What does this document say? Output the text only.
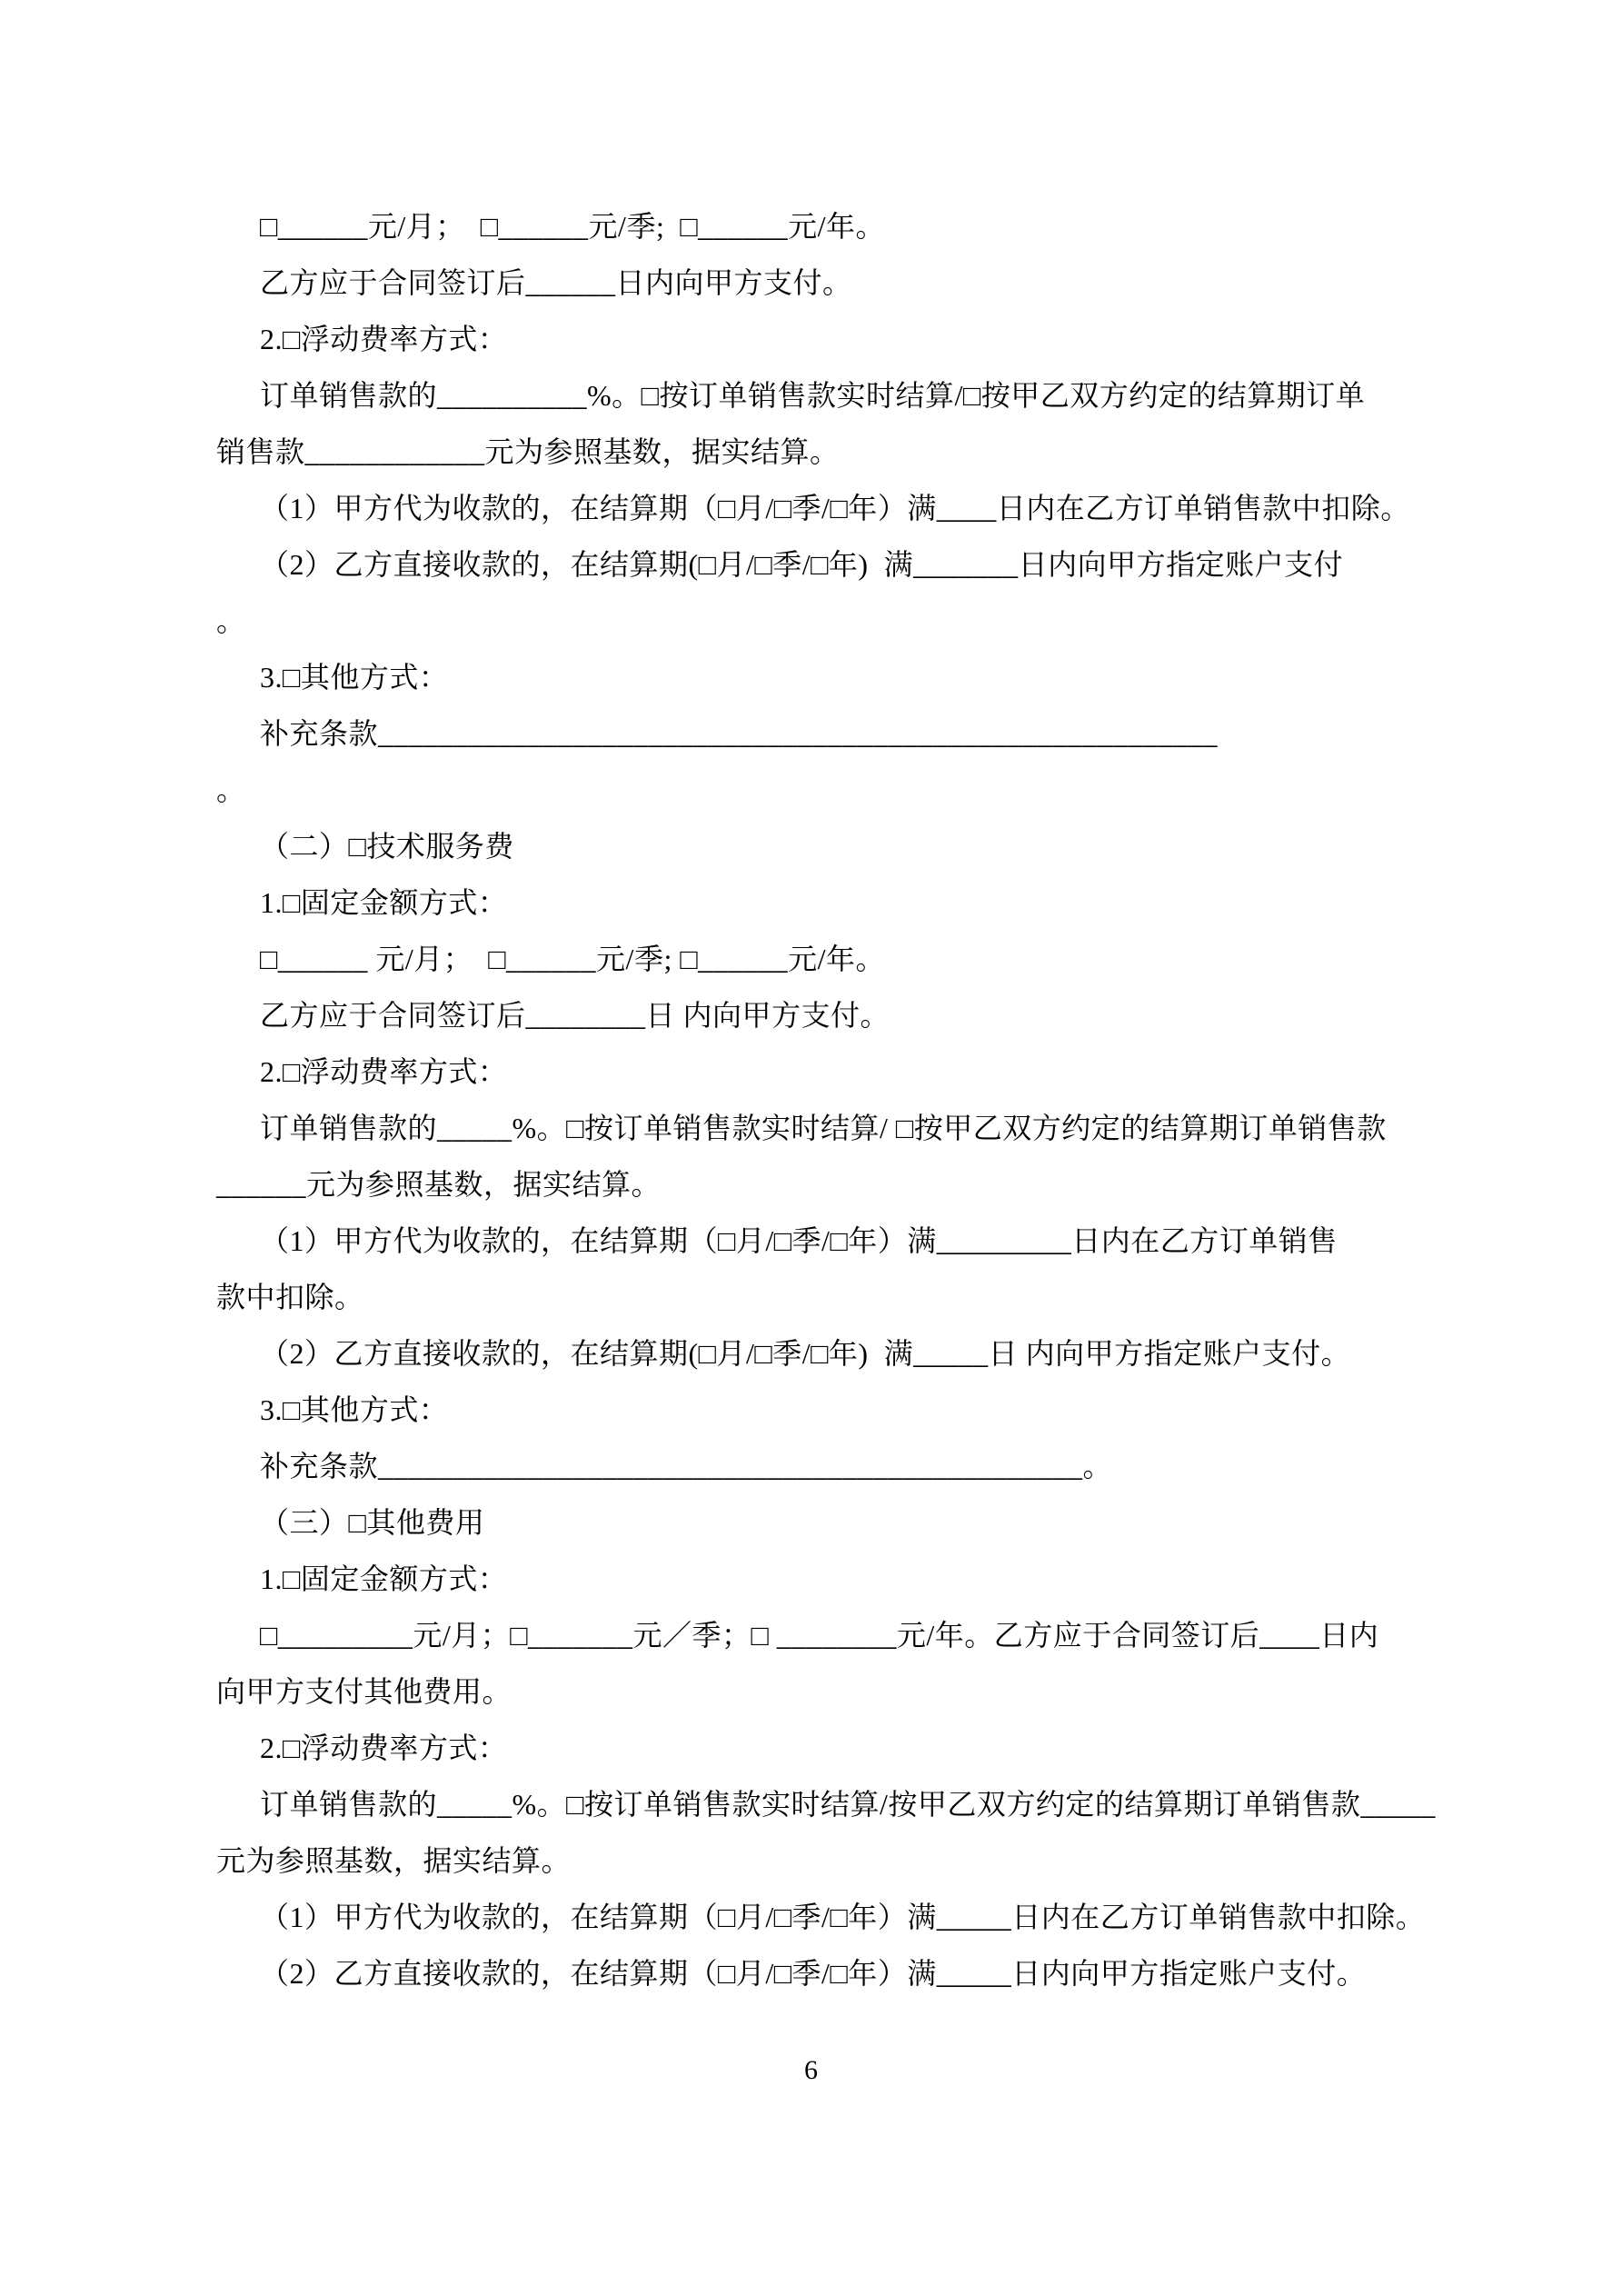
□______元/月；  □______元/季;  □______元/年。

乙方应于合同签订后______日内向甲方支付。

2.□浮动费率方式：

订单销售款的__________%。□按订单销售款实时结算/□按甲乙双方约定的结算期订单

销售款____________元为参照基数，据实结算。

（1）甲方代为收款的，在结算期（□月/□季/□年）满____日内在乙方订单销售款中扣除。

（2）乙方直接收款的，在结算期(□月/□季/□年)  满_______日内向甲方指定账户支付

。

3.□其他方式：

补充条款________________________________________________________

。

（二）□技术服务费

1.□固定金额方式：

□______ 元/月；  □______元/季; □______元/年。

乙方应于合同签订后________日 内向甲方支付。

2.□浮动费率方式：

订单销售款的_____%。□按订单销售款实时结算/ □按甲乙双方约定的结算期订单销售款

______元为参照基数，据实结算。

（1）甲方代为收款的，在结算期（□月/□季/□年）满_________日内在乙方订单销售

款中扣除。

（2）乙方直接收款的，在结算期(□月/□季/□年)  满_____日 内向甲方指定账户支付。

3.□其他方式：

补充条款_______________________________________________。

（三）□其他费用

1.□固定金额方式：

□_________元/月；□_______元／季；□ ________元/年。乙方应于合同签订后____日内

向甲方支付其他费用。

2.□浮动费率方式：

订单销售款的_____%。□按订单销售款实时结算/按甲乙双方约定的结算期订单销售款_____

元为参照基数，据实结算。

（1）甲方代为收款的，在结算期（□月/□季/□年）满_____日内在乙方订单销售款中扣除。

（2）乙方直接收款的，在结算期（□月/□季/□年）满_____日内向甲方指定账户支付。

6
